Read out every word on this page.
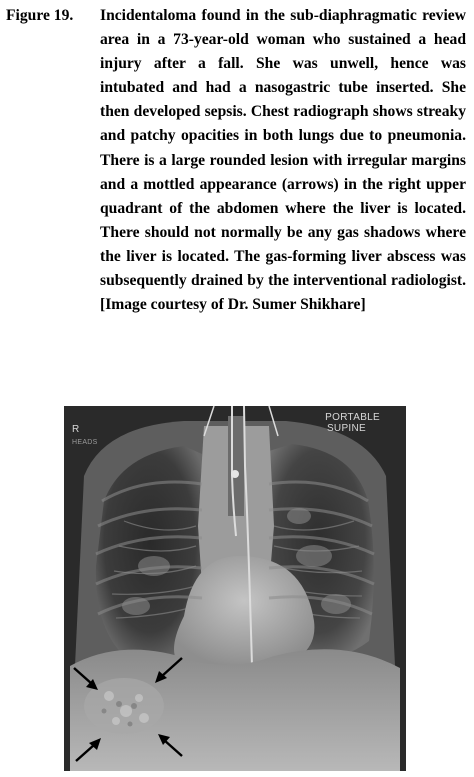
Figure 19. Incidentaloma found in the sub-diaphragmatic review area in a 73-year-old woman who sustained a head injury after a fall. She was unwell, hence was intubated and had a nasogastric tube inserted. She then developed sepsis. Chest radiograph shows streaky and patchy opacities in both lungs due to pneumonia. There is a large rounded lesion with irregular margins and a mottled appearance (arrows) in the right upper quadrant of the abdomen where the liver is located. There should not normally be any gas shadows where the liver is located. The gas-forming liver abscess was subsequently drained by the interventional radiologist. [Image courtesy of Dr. Sumer Shikhare]
R
HEADS
PORTABLE
SUPINE
